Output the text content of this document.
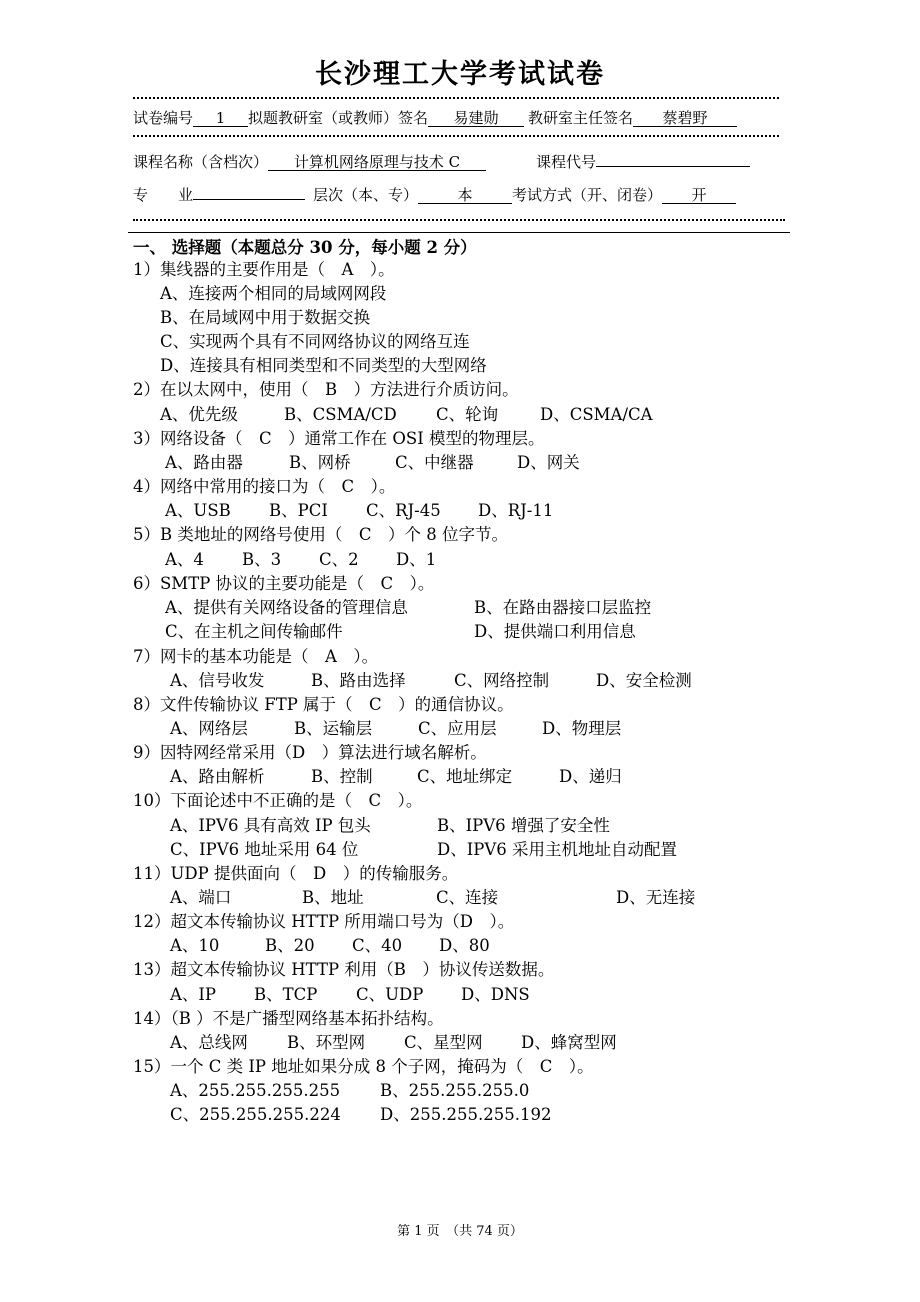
长沙理工大学考试试卷
试卷编号 1 拟题教研室（或教师）签名 易建勋 教研室主任签名 蔡碧野
课程名称（含档次） 计算机网络原理与技术 C	课程代号
专　　业	层次（本、专）	本	考试方式（开、闭卷） 开
一、 选择题（本题总分 30 分，每小题 2 分）
1）集线器的主要作用是（　A　）。
A、连接两个相同的局域网网段
B、在局域网中用于数据交换
C、实现两个具有不同网络协议的网络互连
D、连接具有相同类型和不同类型的大型网络
2）在以太网中，使用（　B　）方法进行介质访问。
A、优先级	B、CSMA/CD C、轮询	D、CSMA/CA
3）网络设备（　C　）通常工作在 OSI 模型的物理层。
A、路由器	B、网桥	C、中继器	D、网关
4）网络中常用的接口为（　C　）。
A、USB B、PCI C、RJ-45 D、RJ-11
5）B 类地址的网络号使用（　C　）个 8 位字节。
A、4 B、3 C、2 D、1
6）SMTP 协议的主要功能是（　C　）。
A、提供有关网络设备的管理信息	B、在路由器接口层监控
C、在主机之间传输邮件	D、提供端口利用信息
7）网卡的基本功能是（　A　）。
A、信号收发	B、路由选择	C、网络控制	D、安全检测
8）文件传输协议 FTP 属于（　C　）的通信协议。
A、网络层	B、运输层	C、应用层	D、物理层
9）因特网经常采用（D　）算法进行域名解析。
A、路由解析	B、控制	C、地址绑定	D、递归
10）下面论述中不正确的是（　C　）。
A、IPV6 具有高效 IP 包头	B、IPV6 增强了安全性
C、IPV6 地址采用 64 位	D、IPV6 采用主机地址自动配置
11）UDP 提供面向（　D　）的传输服务。
A、端口	B、地址	C、连接	D、无连接
12）超文本传输协议 HTTP 所用端口号为（D　）。
A、10	B、20 C、40 D、80
13）超文本传输协议 HTTP 利用（B　）协议传送数据。
A、IP B、TCP C、UDP D、DNS
14）（B ）不是广播型网络基本拓扑结构。
A、总线网 B、环型网 C、星型网 D、蜂窝型网
15）一个 C 类 IP 地址如果分成 8 个子网，掩码为（　C　）。
A、255.255.255.255 B、255.255.255.0
C、255.255.255.224 D、255.255.255.192
第 1 页　（共 74 页）
